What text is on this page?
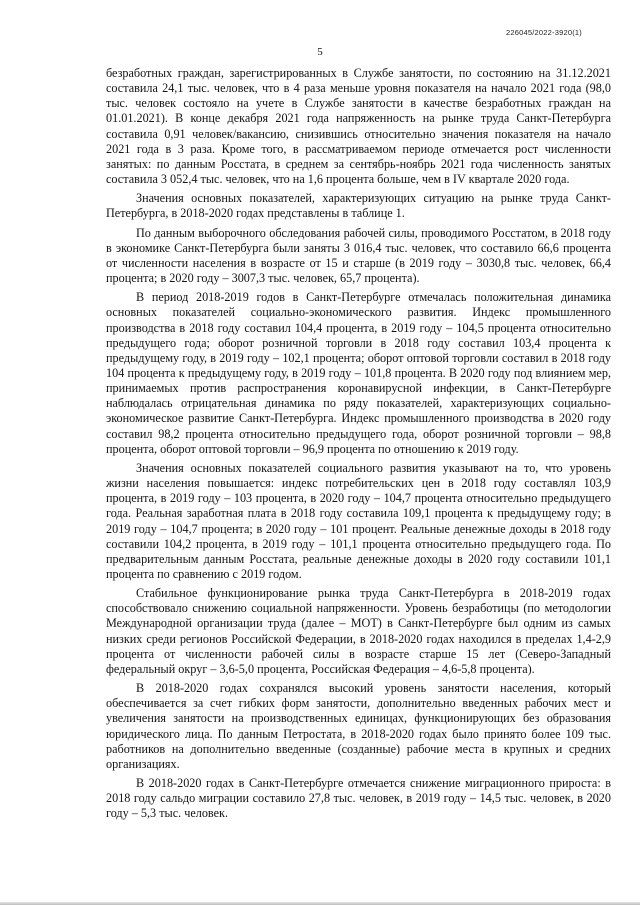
226045/2022-3920(1)
5

безработных граждан, зарегистрированных в Службе занятости, по состоянию на 31.12.2021 составила 24,1 тыс. человек, что в 4 раза меньше уровня показателя на начало 2021 года (98,0 тыс. человек состояло на учете в Службе занятости в качестве безработных граждан на 01.01.2021). В конце декабря 2021 года напряженность на рынке труда Санкт-Петербурга составила 0,91 человек/вакансию, снизившись относительно значения показателя на начало 2021 года в 3 раза. Кроме того, в рассматриваемом периоде отмечается рост численности занятых: по данным Росстата, в среднем за сентябрь-ноябрь 2021 года численность занятых составила 3 052,4 тыс. человек, что на 1,6 процента больше, чем в IV квартале 2020 года.

Значения основных показателей, характеризующих ситуацию на рынке труда Санкт-Петербурга, в 2018-2020 годах представлены в таблице 1.

По данным выборочного обследования рабочей силы, проводимого Росстатом, в 2018 году в экономике Санкт-Петербурга были заняты 3 016,4 тыс. человек, что составило 66,6 процента от численности населения в возрасте от 15 и старше (в 2019 году – 3030,8 тыс. человек, 66,4 процента; в 2020 году – 3007,3 тыс. человек, 65,7 процента).

В период 2018-2019 годов в Санкт-Петербурге отмечалась положительная динамика основных показателей социально-экономического развития. Индекс промышленного производства в 2018 году составил 104,4 процента, в 2019 году – 104,5 процента относительно предыдущего года; оборот розничной торговли в 2018 году составил 103,4 процента к предыдущему году, в 2019 году – 102,1 процента; оборот оптовой торговли составил в 2018 году 104 процента к предыдущему году, в 2019 году – 101,8 процента. В 2020 году под влиянием мер, принимаемых против распространения коронавирусной инфекции, в Санкт-Петербурге наблюдалась отрицательная динамика по ряду показателей, характеризующих социально-экономическое развитие Санкт-Петербурга. Индекс промышленного производства в 2020 году составил 98,2 процента относительно предыдущего года, оборот розничной торговли – 98,8 процента, оборот оптовой торговли – 96,9 процента по отношению к 2019 году.

Значения основных показателей социального развития указывают на то, что уровень жизни населения повышается: индекс потребительских цен в 2018 году составлял 103,9 процента, в 2019 году – 103 процента, в 2020 году – 104,7 процента относительно предыдущего года. Реальная заработная плата в 2018 году составила 109,1 процента к предыдущему году; в 2019 году – 104,7 процента; в 2020 году – 101 процент. Реальные денежные доходы в 2018 году составили 104,2 процента, в 2019 году – 101,1 процента относительно предыдущего года. По предварительным данным Росстата, реальные денежные доходы в 2020 году составили 101,1 процента по сравнению с 2019 годом.

Стабильное функционирование рынка труда Санкт-Петербурга в 2018-2019 годах способствовало снижению социальной напряженности. Уровень безработицы (по методологии Международной организации труда (далее – МОТ) в Санкт-Петербурге был одним из самых низких среди регионов Российской Федерации, в 2018-2020 годах находился в пределах 1,4-2,9 процента от численности рабочей силы в возрасте старше 15 лет (Северо-Западный федеральный округ – 3,6-5,0 процента, Российская Федерация – 4,6-5,8 процента).

В 2018-2020 годах сохранялся высокий уровень занятости населения, который обеспечивается за счет гибких форм занятости, дополнительно введенных рабочих мест и увеличения занятости на производственных единицах, функционирующих без образования юридического лица. По данным Петростата, в 2018-2020 годах было принято более 109 тыс. работников на дополнительно введенные (созданные) рабочие места в крупных и средних организациях.

В 2018-2020 годах в Санкт-Петербурге отмечается снижение миграционного прироста: в 2018 году сальдо миграции составило 27,8 тыс. человек, в 2019 году – 14,5 тыс. человек, в 2020 году – 5,3 тыс. человек.
